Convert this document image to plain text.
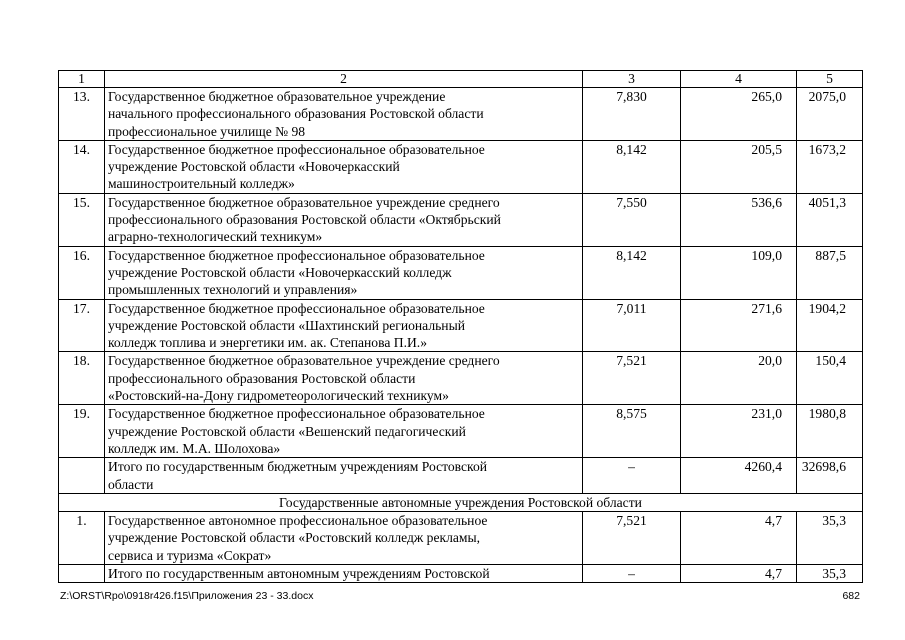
1	2	3	4	5
13.	Государственное бюджетное образовательное учреждение
начального профессионального образования Ростовской области
профессиональное училище № 98	7,830	265,0	2075,0
14.	Государственное бюджетное профессиональное образовательное
учреждение Ростовской области «Новочеркасский
машиностроительный колледж»	8,142	205,5	1673,2
15.	Государственное бюджетное образовательное учреждение среднего
профессионального образования Ростовской области «Октябрьский
аграрно-технологический техникум»	7,550	536,6	4051,3
16.	Государственное бюджетное профессиональное образовательное
учреждение Ростовской области «Новочеркасский колледж
промышленных технологий и управления»	8,142	109,0	887,5
17.	Государственное бюджетное профессиональное образовательное
учреждение Ростовской области «Шахтинский региональный
колледж топлива и энергетики им. ак. Степанова П.И.»	7,011	271,6	1904,2
18.	Государственное бюджетное образовательное учреждение среднего
профессионального образования Ростовской области
«Ростовский-на-Дону гидрометеорологический техникум»	7,521	20,0	150,4
19.	Государственное бюджетное профессиональное образовательное
учреждение Ростовской области «Вешенский педагогический
колледж им. М.А. Шолохова»	8,575	231,0	1980,8

	Итого по государственным бюджетным учреждениям Ростовской
области	–	4260,4	32698,6
Государственные автономные учреждения Ростовской области				
1.	Государственное автономное профессиональное образовательное
учреждение Ростовской области «Ростовский колледж рекламы,
сервиса и туризма «Сократ»	7,521	4,7	35,3

	Итого по государственным автономным учреждениям Ростовской	–	4,7	35,3
Z:\ORST\Rpo\0918r426.f15\Приложения 23 - 33.docx	682
